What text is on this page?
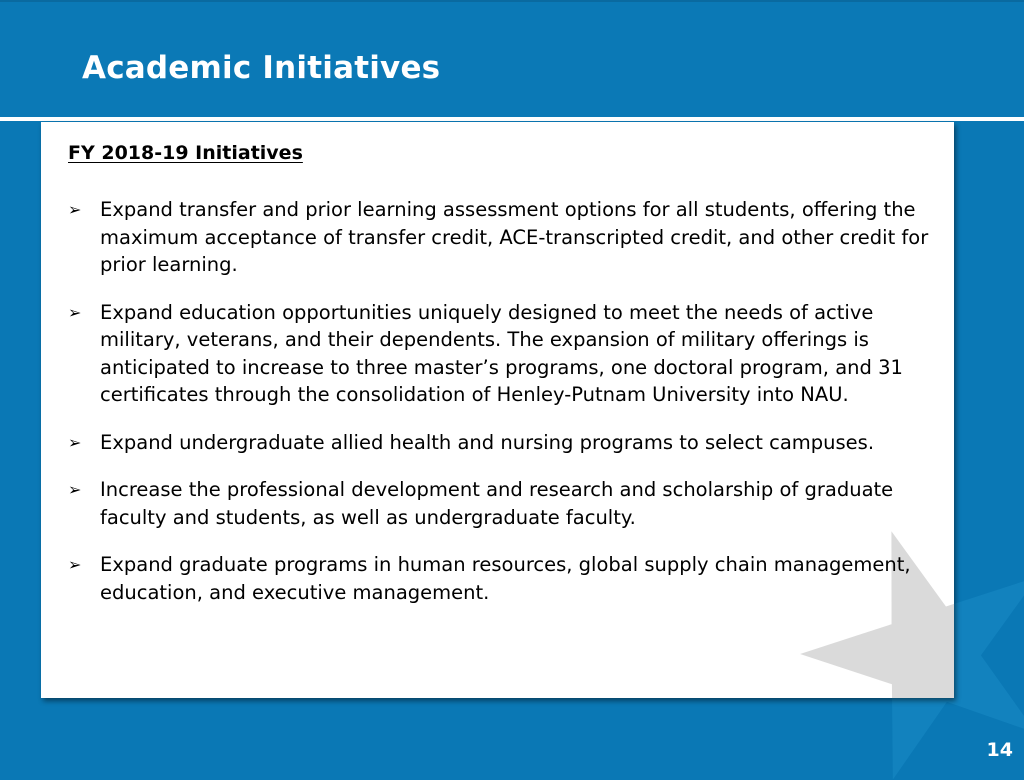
Academic Initiatives
FY 2018-19 Initiatives
➢ Expand transfer and prior learning assessment options for all students, offering the maximum acceptance of transfer credit, ACE-transcripted credit, and other credit for prior learning.
➢ Expand education opportunities uniquely designed to meet the needs of active military, veterans, and their dependents. The expansion of military offerings is anticipated to increase to three master’s programs, one doctoral program, and 31 certificates through the consolidation of Henley-Putnam University into NAU.
➢ Expand undergraduate allied health and nursing programs to select campuses.
➢ Increase the professional development and research and scholarship of graduate faculty and students, as well as undergraduate faculty.
➢ Expand graduate programs in human resources, global supply chain management, education, and executive management.
14
